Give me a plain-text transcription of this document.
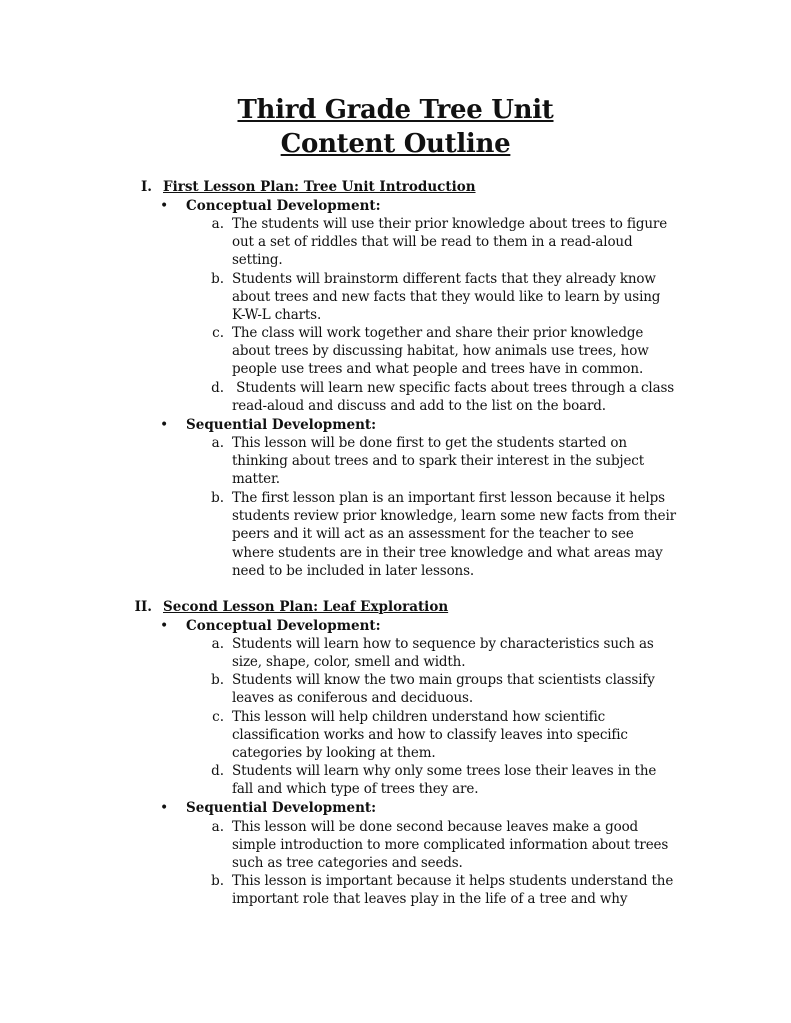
Third Grade Tree Unit
Content Outline
I. First Lesson Plan: Tree Unit Introduction
• Conceptual Development:
a. The students will use their prior knowledge about trees to figure out a set of riddles that will be read to them in a read-aloud setting.
b. Students will brainstorm different facts that they already know about trees and new facts that they would like to learn by using K-W-L charts.
c. The class will work together and share their prior knowledge about trees by discussing habitat, how animals use trees, how people use trees and what people and trees have in common.
d. Students will learn new specific facts about trees through a class read-aloud and discuss and add to the list on the board.
• Sequential Development:
a. This lesson will be done first to get the students started on thinking about trees and to spark their interest in the subject matter.
b. The first lesson plan is an important first lesson because it helps students review prior knowledge, learn some new facts from their peers and it will act as an assessment for the teacher to see where students are in their tree knowledge and what areas may need to be included in later lessons.
II. Second Lesson Plan: Leaf Exploration
• Conceptual Development:
a. Students will learn how to sequence by characteristics such as size, shape, color, smell and width.
b. Students will know the two main groups that scientists classify leaves as coniferous and deciduous.
c. This lesson will help children understand how scientific classification works and how to classify leaves into specific categories by looking at them.
d. Students will learn why only some trees lose their leaves in the fall and which type of trees they are.
• Sequential Development:
a. This lesson will be done second because leaves make a good simple introduction to more complicated information about trees such as tree categories and seeds.
b. This lesson is important because it helps students understand the important role that leaves play in the life of a tree and why
